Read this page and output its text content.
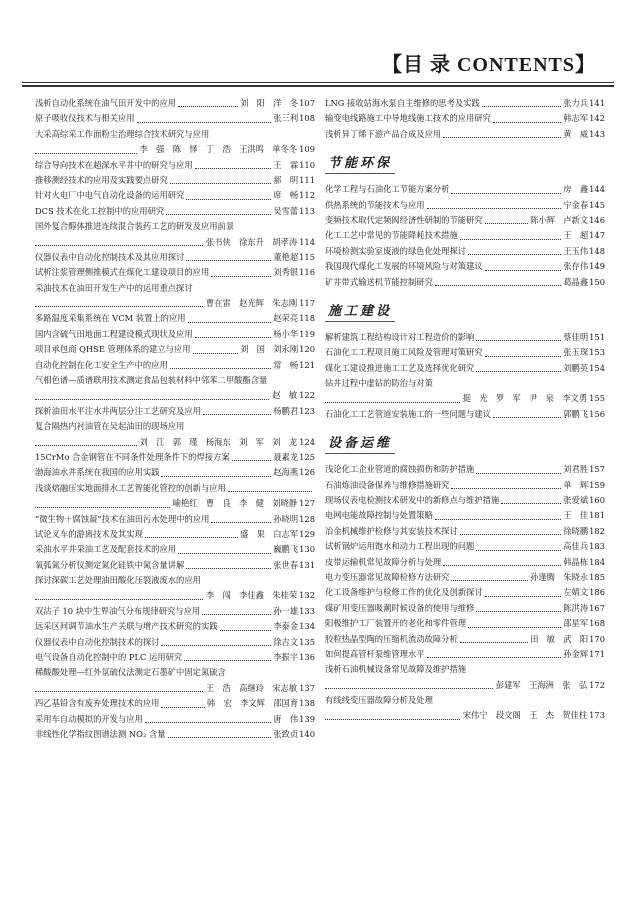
【目 录 CONTENTS】
浅析自动化系统在油气田开发中的应用	刘　阳　洋　冬 107
原子吸收仪技术与相关应用	张三利 108
大采高综采工作面粉尘治理综合技术研究与应用
李　强　陈　怿　丁　浩　王洪鸣　单冬冬 109
综合导向技术在超深水平井中的研究与应用	王　霖 110
推移测经技术的应用及实践要点研究	郝　明 111
针对火电厂中电气自动化设备的运用研究	席　畅 112
DCS 技术在化工控制中的应用研究	吴雪蕾 113
国外复合醇体推进连续混合装药工艺的研发及应用前景
张书侠　徐东升　胡孝涛 114
仪器仪表中自动化控制技术及其应用探讨	董艳超 115
试析注浆管理侧推模式在煤化工建设项目的应用	刘秀银 116
采油技术在油田开发生产中的运用重点探讨
曹在雷　赵光辉　朱志刚 117
多路温度采集系统在 VCM 装置上的应用	赵荣亮 118
国内含硫气田地面工程建设模式现状及应用	杨小华 119
项目承包商 QHSE 管理体系的建立与应用	刘　国　刘永刚 120
自动化控制在化工安全生产中的应用	常　畅 121
气相色谱—质谱联用技术测定食品包装材料中邻苯二甲酸酯含量
赵　敏 122
探析油田水平注水井两层分注工艺研究及应用	杨鹏君 123
复合隔热内衬油管在吴起油田的现场应用
刘　江　郭　瑾　杨海东　刘　军　刘　龙 124
15CrMo 合金钢管在不同条件处理条件下的焊接方案	聂素龙 125
渤海油水井系统在我国的应用实践	赵海燕 126
浅谈熔融压实地面排水工艺智能化管控的创新与应用
喻艳红　曹　良　李　健　刘晓静 127
“微生物＋腐蚀凝”技术在油田污水处理中的应用	孙晓明 128
试论叉车的游离技术及其实现	盛　果　白志军 129
采油水平井采油工艺及配套技术的应用	巍鹏飞 130
氧弧氮分析仪测定氮化硅铁中氮含量讲解	张世春 131
探讨深碳工艺处理油田酸化压裂液废水的应用
李　闯　李佳鑫　朱桂荣 132
双沽子 10 块中生界油气分布规律研究与应用	孙一雄 133
远采区间调节油水生产关联与增产技术研究的实践	李泰金 134
仪器仪表中自动化控制技术的探讨	徐吉文 135
电气设备自动化控制中的 PLC 运用研究	李振宇 136
稀酸酸处理—红外氛硫仪法测定石墨矿中固定氮硫含
王　浩　高继玲　宋志敏 137
四乙基铅含有废弃处理技术的应用	韩　宏　李文辉　邵国育 138
采用车自动模拟的开发与应用	唐　伟 139
非线性化学指纹图谱法测 NO₂ 含量	张致贞 140
LNG 接收站海水泵自主维修的思考及实践	张力兵 141
输变电线路施工中导地线施工技术的应用研究	韩志军 142
浅析异丁烯下游产品合成及应用	黄　威 143
节能环保
化学工程与石油化工节能方案分析	房　鑫 144
供热系统的节能技术与应用	宁金春 145
变频技术取代定频阀经济性研制的节能研究	陈小辉　卢新文 146
化工工艺中常见的节能降耗技术措施	王　超 147
环境检测实验室废液的绿色化处理探讨	王玉伟 148
我国现代煤化工发展的环境风险与对策建议	张存伟 149
矿井带式输送机节能控制研究	葛晶鑫 150
施工建设
解析建筑工程结构设计对工程造价的影响	蔡佳明 151
石油化工工程项目施工风险及管理对策研究	张玉琛 153
煤化工建设推进施工工艺及选择优化研究	刘鹏英 154
钻井过程中虚钻的防治与对策
挺　光　罗　军　尹　泉　李文勇 155
石油化工工艺管道安装施工的一些问题与建议	郭鹏飞 156
设备运维
浅论化工企业管道的腐蚀损伤和防护措施	刘君胜 157
石油炼油设备保养与维修措施研究	单　辉 159
现场仪表电检测技术研发中的新修点与维护措施	张爱斌 160
电网电能故障控制与处置策略	王　佳 181
冶金机械维护检修与其安装技术探讨	徐晓鹏 182
试析锅炉运用饱水和动力工程出现的问题	高佳兵 183
皮带运输机常见故障分析与处理	韩晶栋 184
电力变压器常见故障检修方法研究	孙逢腾　朱晓永 185
化工设备维护与检修工作的优化及创新探讨	左婧文 186
煤矿用变压器吸潮时候设备的使用与维修	陈洪涛 167
阳极维护工厂装置开的老化和零件管理	邵星军 168
胶粒热晶型陶的压缩机流动故障分析	田　敏　武　阳 170
如何提高管杆泵维管理水平	孙金辉 171
浅析石油机械设备常见故障及维护措施
彭建军　王海洲　张　弘 172
有线线变压器故障分析及处理
宋伟宁　段文阁　王　杰　贺佳柱 173
